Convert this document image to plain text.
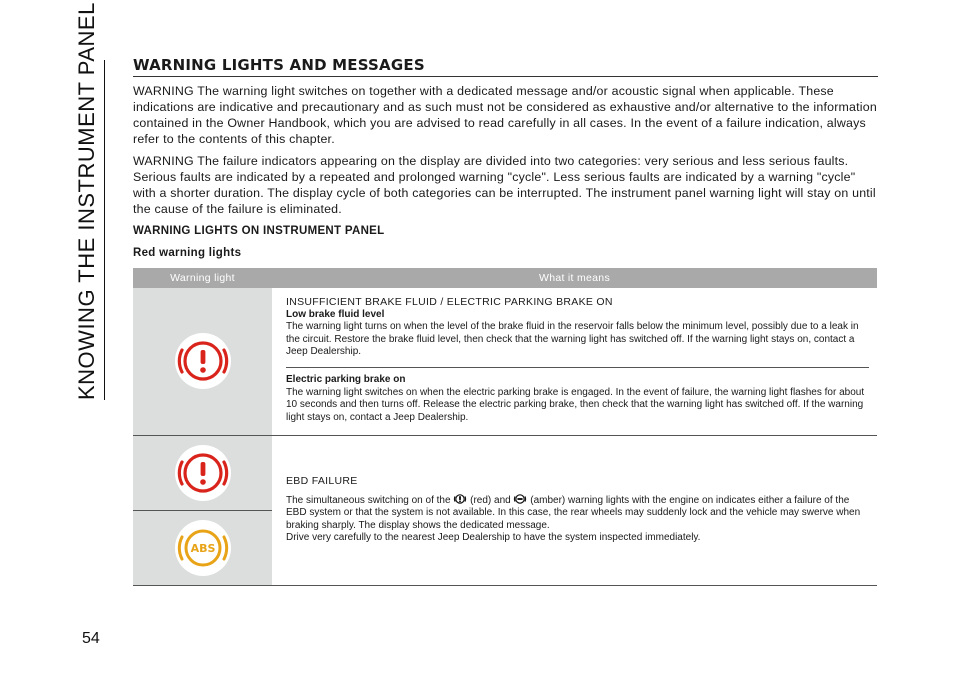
KNOWING THE INSTRUMENT PANEL
54
WARNING LIGHTS AND MESSAGES

WARNING The warning light switches on together with a dedicated message and/or acoustic signal when applicable. These indications are indicative and precautionary and as such must not be considered as exhaustive and/or alternative to the information contained in the Owner Handbook, which you are advised to read carefully in all cases. In the event of a failure indication, always refer to the contents of this chapter.

WARNING The failure indicators appearing on the display are divided into two categories: very serious and less serious faults. Serious faults are indicated by a repeated and prolonged warning "cycle". Less serious faults are indicated by a warning "cycle" with a shorter duration. The display cycle of both categories can be interrupted. The instrument panel warning light will stay on until the cause of the failure is eliminated.

WARNING LIGHTS ON INSTRUMENT PANEL
Red warning lights
Warning light	What it means

INSUFFICIENT BRAKE FLUID / ELECTRIC PARKING BRAKE ON
Low brake fluid level
The warning light turns on when the level of the brake fluid in the reservoir falls below the minimum level, possibly due to a leak in the circuit. Restore the brake fluid level, then check that the warning light has switched off. If the warning light stays on, contact a Jeep Dealership.
Electric parking brake on
The warning light switches on when the electric parking brake is engaged. In the event of failure, the warning light flashes for about 10 seconds and then turns off. Release the electric parking brake, then check that the warning light has switched off. If the warning light stays on, contact a Jeep Dealership.

ABS	EBD FAILURE
The simultaneous switching on of the (red) and (amber) warning lights with the engine on indicates either a failure of the EBD system or that the system is not available. In this case, the rear wheels may suddenly lock and the vehicle may swerve when braking sharply. The display shows the dedicated message.
Drive very carefully to the nearest Jeep Dealership to have the system inspected immediately.
